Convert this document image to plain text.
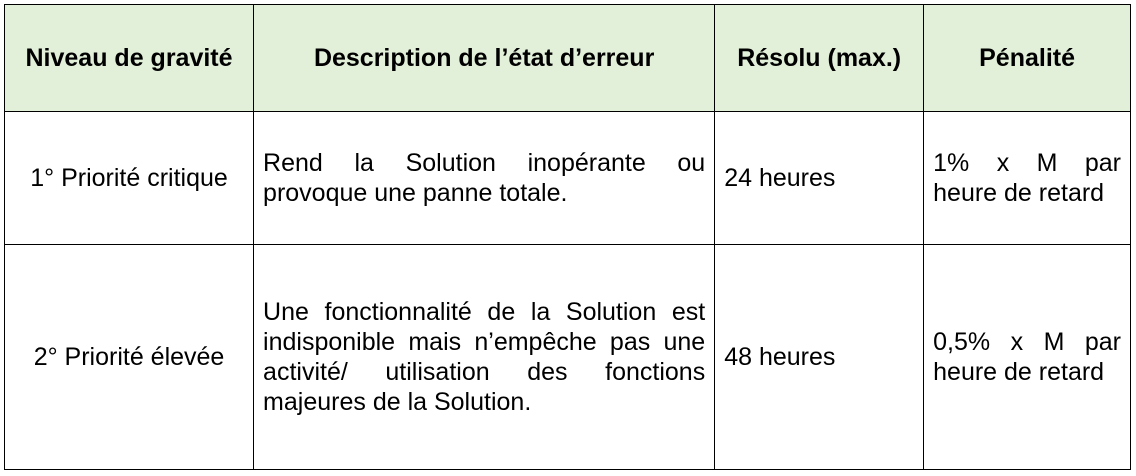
Niveau de gravité	Description de l’état d’erreur	Résolu (max.)	Pénalité
1° Priorité critique	Rend la Solution inopérante ou provoque une panne totale.	24 heures	1% x M par heure de retard
2° Priorité élevée	Une fonctionnalité de la Solution est indisponible mais n’empêche pas une activité/ utilisation des fonctions majeures de la Solution.	48 heures	0,5% x M par heure de retard
